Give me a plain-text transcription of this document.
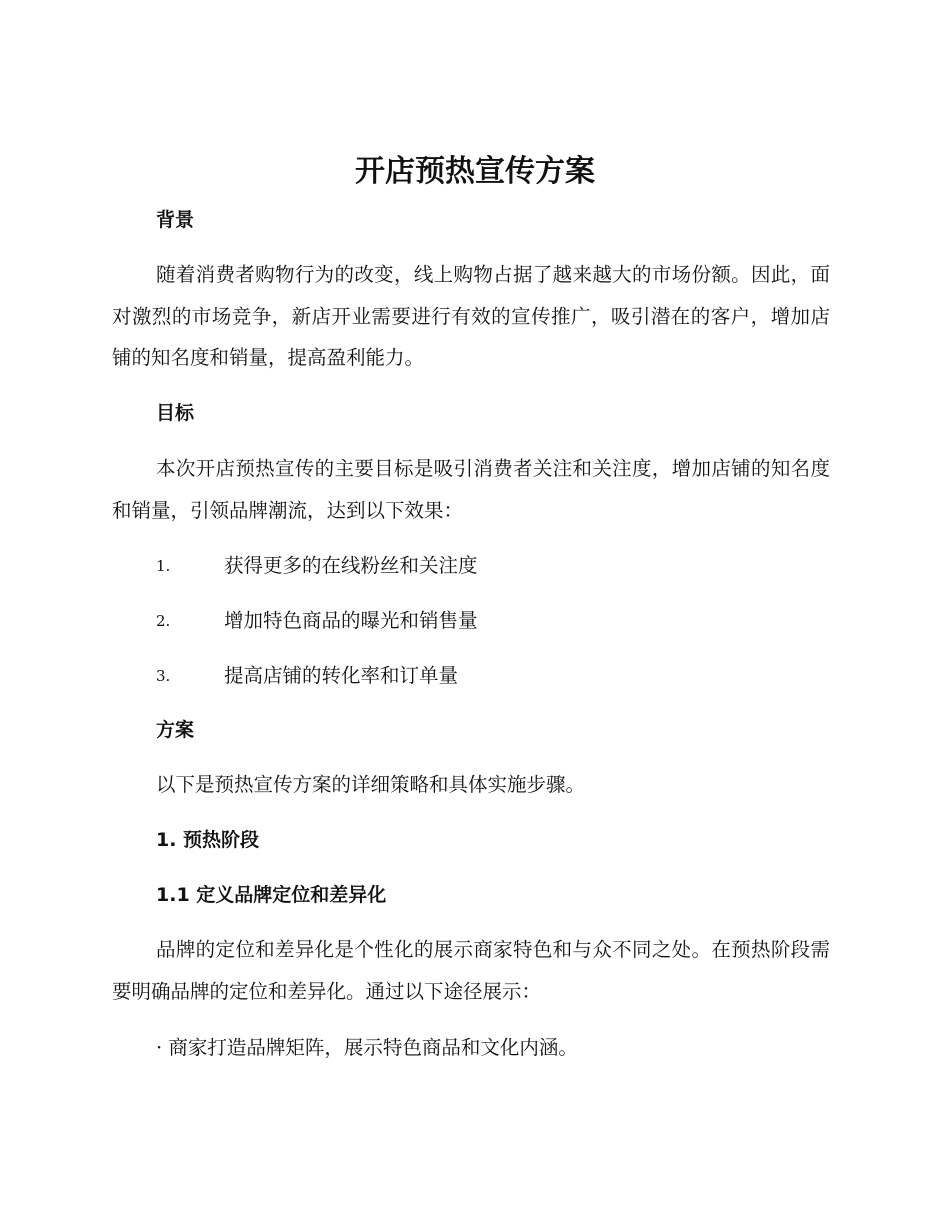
开店预热宣传方案
背景
随着消费者购物行为的改变，线上购物占据了越来越大的市场份额。因此，面对激烈的市场竞争，新店开业需要进行有效的宣传推广，吸引潜在的客户，增加店铺的知名度和销量，提高盈利能力。
目标
本次开店预热宣传的主要目标是吸引消费者关注和关注度，增加店铺的知名度和销量，引领品牌潮流，达到以下效果：
1.	获得更多的在线粉丝和关注度
2.	增加特色商品的曝光和销售量
3.	提高店铺的转化率和订单量
方案
以下是预热宣传方案的详细策略和具体实施步骤。
1. 预热阶段
1.1 定义品牌定位和差异化
品牌的定位和差异化是个性化的展示商家特色和与众不同之处。在预热阶段需要明确品牌的定位和差异化。通过以下途径展示：
· 商家打造品牌矩阵，展示特色商品和文化内涵。
